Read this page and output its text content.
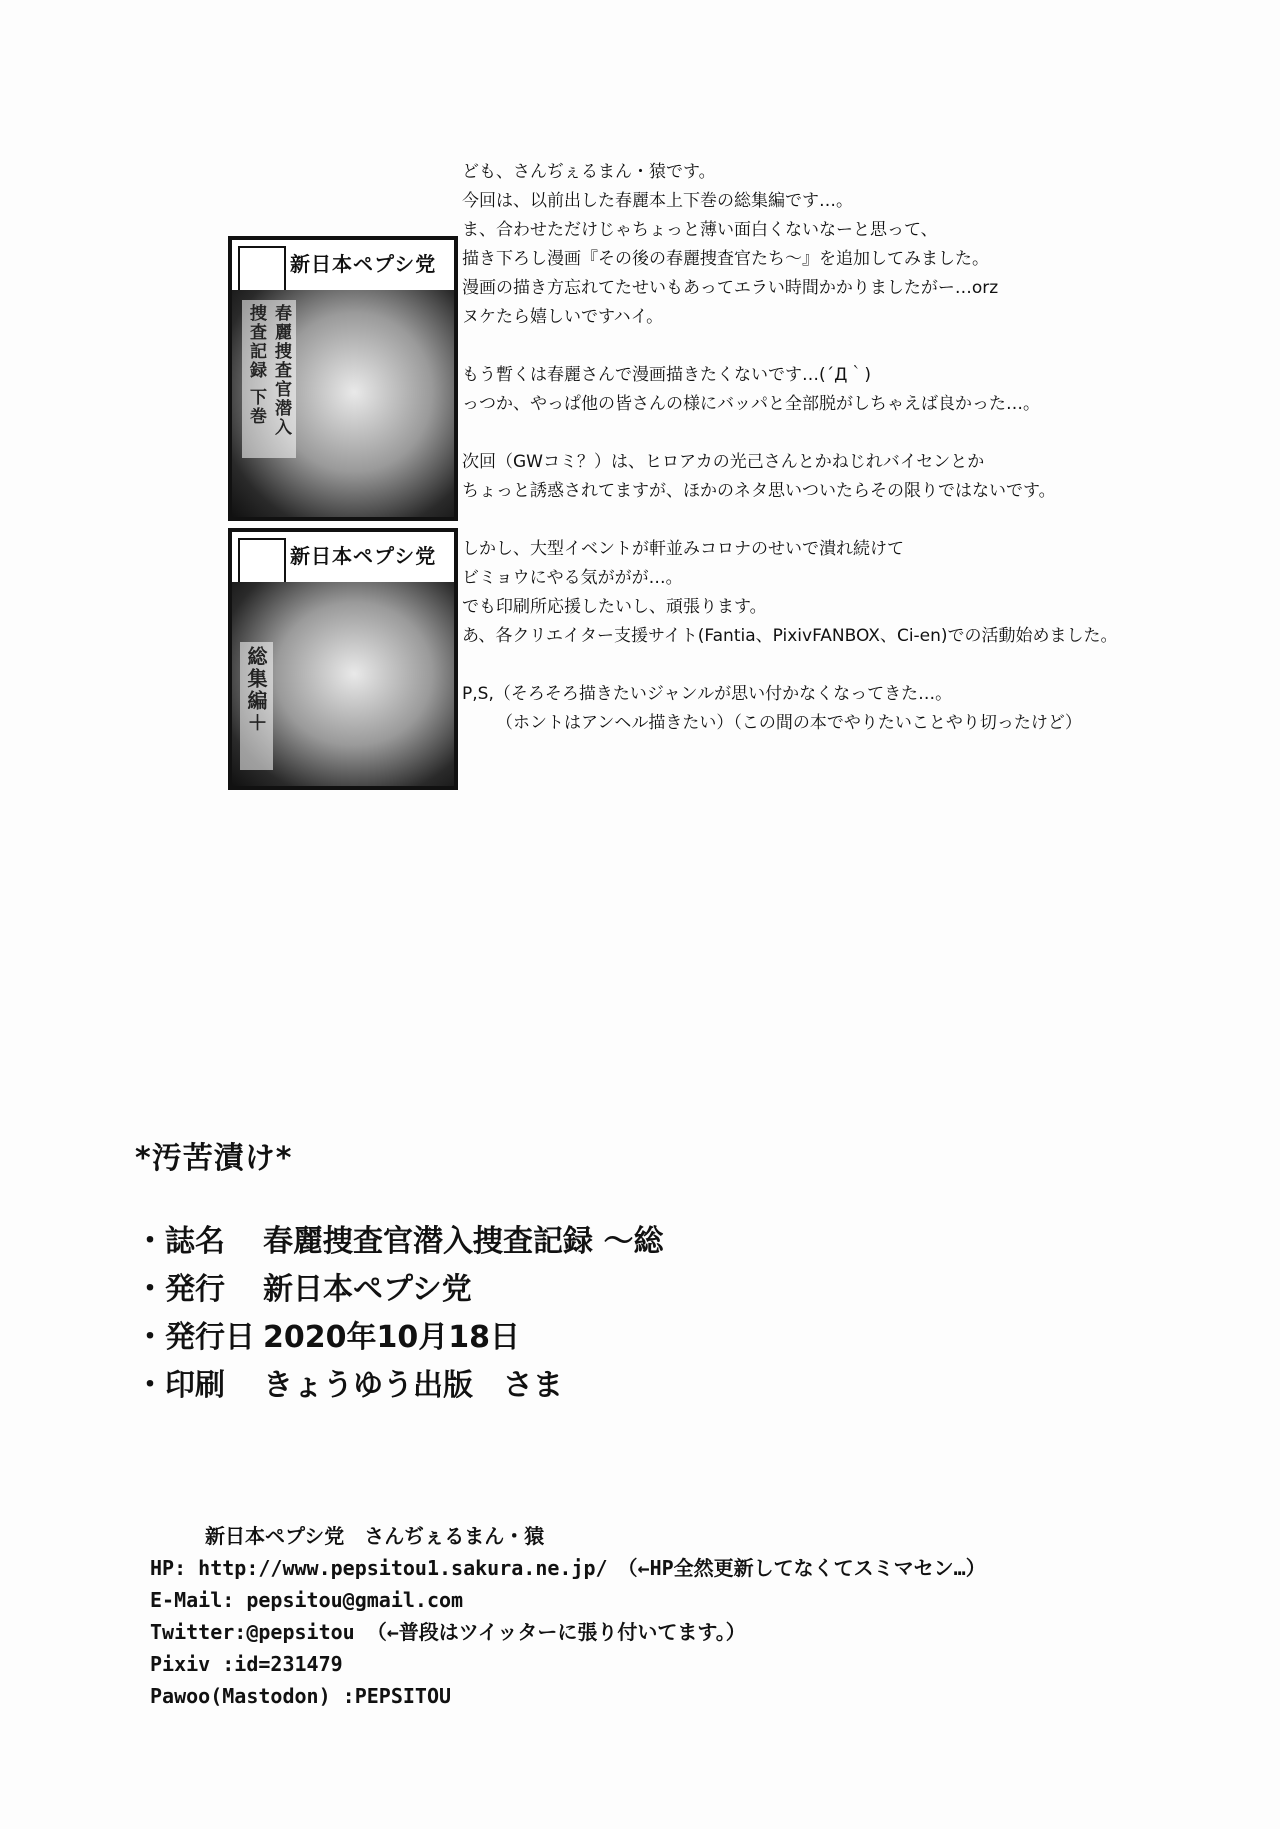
新日本ペプシ党
春麗捜査官潜入捜査記録 下巻
新日本ペプシ党
総集編＋
ども、さんぢぇるまん・猿です。
今回は、以前出した春麗本上下巻の総集編です…。
ま、合わせただけじゃちょっと薄い面白くないなーと思って、
描き下ろし漫画『その後の春麗捜査官たち～』を追加してみました。
漫画の描き方忘れてたせいもあってエラい時間かかりましたがー…orz
ヌケたら嬉しいですハイ。
もう暫くは春麗さんで漫画描きたくないです…(´Д｀)
っつか、やっぱ他の皆さんの様にバッパと全部脱がしちゃえば良かった…。
次回（GWコミ？）は、ヒロアカの光己さんとかねじれバイセンとか
ちょっと誘惑されてますが、ほかのネタ思いついたらその限りではないです。
しかし、大型イベントが軒並みコロナのせいで潰れ続けて
ビミョウにやる気ががが…。
でも印刷所応援したいし、頑張ります。
あ、各クリエイター支援サイト(Fantia、PixivFANBOX、Ci-en)での活動始めました。
P,S,（そろそろ描きたいジャンルが思い付かなくなってきた…。
（ホントはアンヘル描きたい）（この間の本でやりたいことやり切ったけど）
*汚苦漬け*
・誌名 春麗捜査官潜入捜査記録 ～総
・発行 新日本ペプシ党
・発行日 2020年10月18日
・印刷 きょうゆう出版　さま
新日本ペプシ党　さんぢぇるまん・猿
HP: http://www.pepsitou1.sakura.ne.jp/　（←HP全然更新してなくてスミマセン…）
E-Mail: pepsitou@gmail.com
Twitter:@pepsitou （←普段はツイッターに張り付いてます。）
Pixiv :id=231479
Pawoo(Mastodon) :PEPSITOU
